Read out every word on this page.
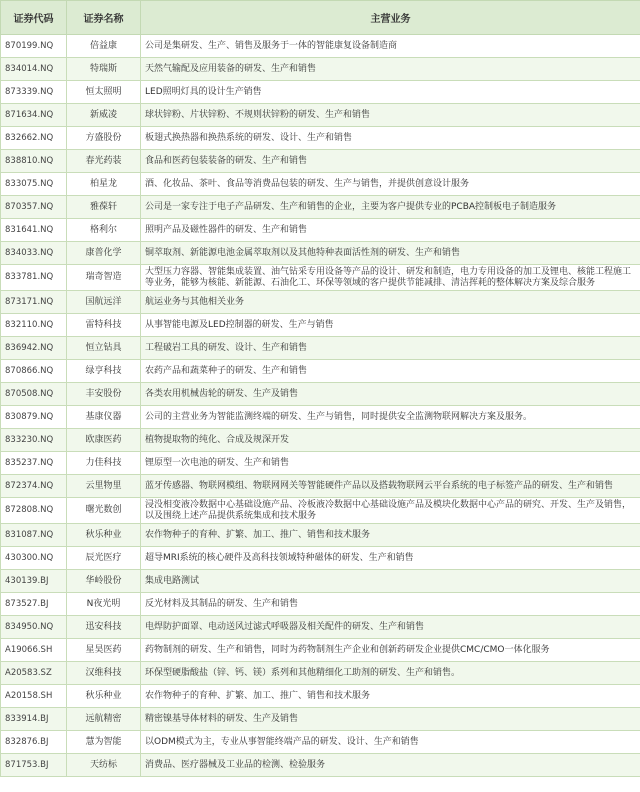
证券代码	证券名称	主营业务
870199.NQ	倍益康	公司是集研发、生产、销售及服务于一体的智能康复设备制造商
834014.NQ	特瑞斯	天然气输配及应用装备的研发、生产和销售
873339.NQ	恒太照明	LED照明灯具的设计生产销售
871634.NQ	新威凌	球状锌粉、片状锌粉、不规则状锌粉的研发、生产和销售
832662.NQ	方盛股份	板翅式换热器和换热系统的研发、设计、生产和销售
838810.NQ	春光药装	食品和医药包装装备的研发、生产和销售
833075.NQ	柏星龙	酒、化妆品、茶叶、食品等消费品包装的研发、生产与销售，并提供创意设计服务
870357.NQ	雅葆轩	公司是一家专注于电子产品研发、生产和销售的企业，主要为客户提供专业的PCBA控制板电子制造服务
831641.NQ	格利尔	照明产品及磁性器件的研发、生产和销售
834033.NQ	康普化学	铜萃取剂、新能源电池金属萃取剂以及其他特种表面活性剂的研发、生产和销售
833781.NQ	瑞奇智造	大型压力容器、智能集成装置、油气钻采专用设备等产品的设计、研发和制造，电力专用设备的加工及锂电、核能工程施工等业务，能够为核能、新能源、石油化工、环保等领域的客户提供节能减排、清洁挥耗的整体解决方案及综合服务
873171.NQ	国航远洋	航运业务与其他相关业务
832110.NQ	雷特科技	从事智能电源及LED控制器的研发、生产与销售
836942.NQ	恒立钻具	工程破岩工具的研发、设计、生产和销售
870866.NQ	绿亨科技	农药产品和蔬菜种子的研发、生产和销售
870508.NQ	丰安股份	各类农用机械齿轮的研发、生产及销售
830879.NQ	基康仪器	公司的主营业务为智能监测终端的研发、生产与销售，同时提供安全监测物联网解决方案及服务。
833230.NQ	欧康医药	植物提取物的纯化、合成及规深开发
835237.NQ	力佳科技	锂原型一次电池的研发、生产和销售
872374.NQ	云里物里	蓝牙传感器、物联网模组、物联网网关等智能硬件产品以及搭载物联网云平台系统的电子标签产品的研发、生产和销售
872808.NQ	曙光数创	浸没相变液冷数据中心基础设施产品、冷板液冷数据中心基础设施产品及模块化数据中心产品的研究、开发、生产及销售，以及围绕上述产品提供系统集成和技术服务
831087.NQ	秋乐种业	农作物种子的育种、扩繁、加工、推广、销售和技术服务
430300.NQ	辰光医疗	超导MRI系统的核心硬件及高科技领域特种磁体的研发、生产和销售
430139.BJ	华岭股份	集成电路测试
873527.BJ	N夜光明	反光材料及其制品的研发、生产和销售
834950.NQ	迅安科技	电焊防护面罩、电动送风过滤式呼吸器及相关配件的研发、生产和销售
A19066.SH	星昊医药	药物制剂的研发、生产和销售，同时为药物制剂生产企业和创新药研发企业提供CMC/CMO一体化服务
A20583.SZ	汉维科技	环保型硬脂酸盐（锌、钙、镁）系列和其他精细化工助剂的研发、生产和销售。
A20158.SH	秋乐种业	农作物种子的育种、扩繁、加工、推广、销售和技术服务
833914.BJ	远航精密	精密镍基导体材料的研发、生产及销售
832876.BJ	慧为智能	以ODM模式为主，专业从事智能终端产品的研发、设计、生产和销售
871753.BJ	天纺标	消费品、医疗器械及工业品的检测、检验服务
